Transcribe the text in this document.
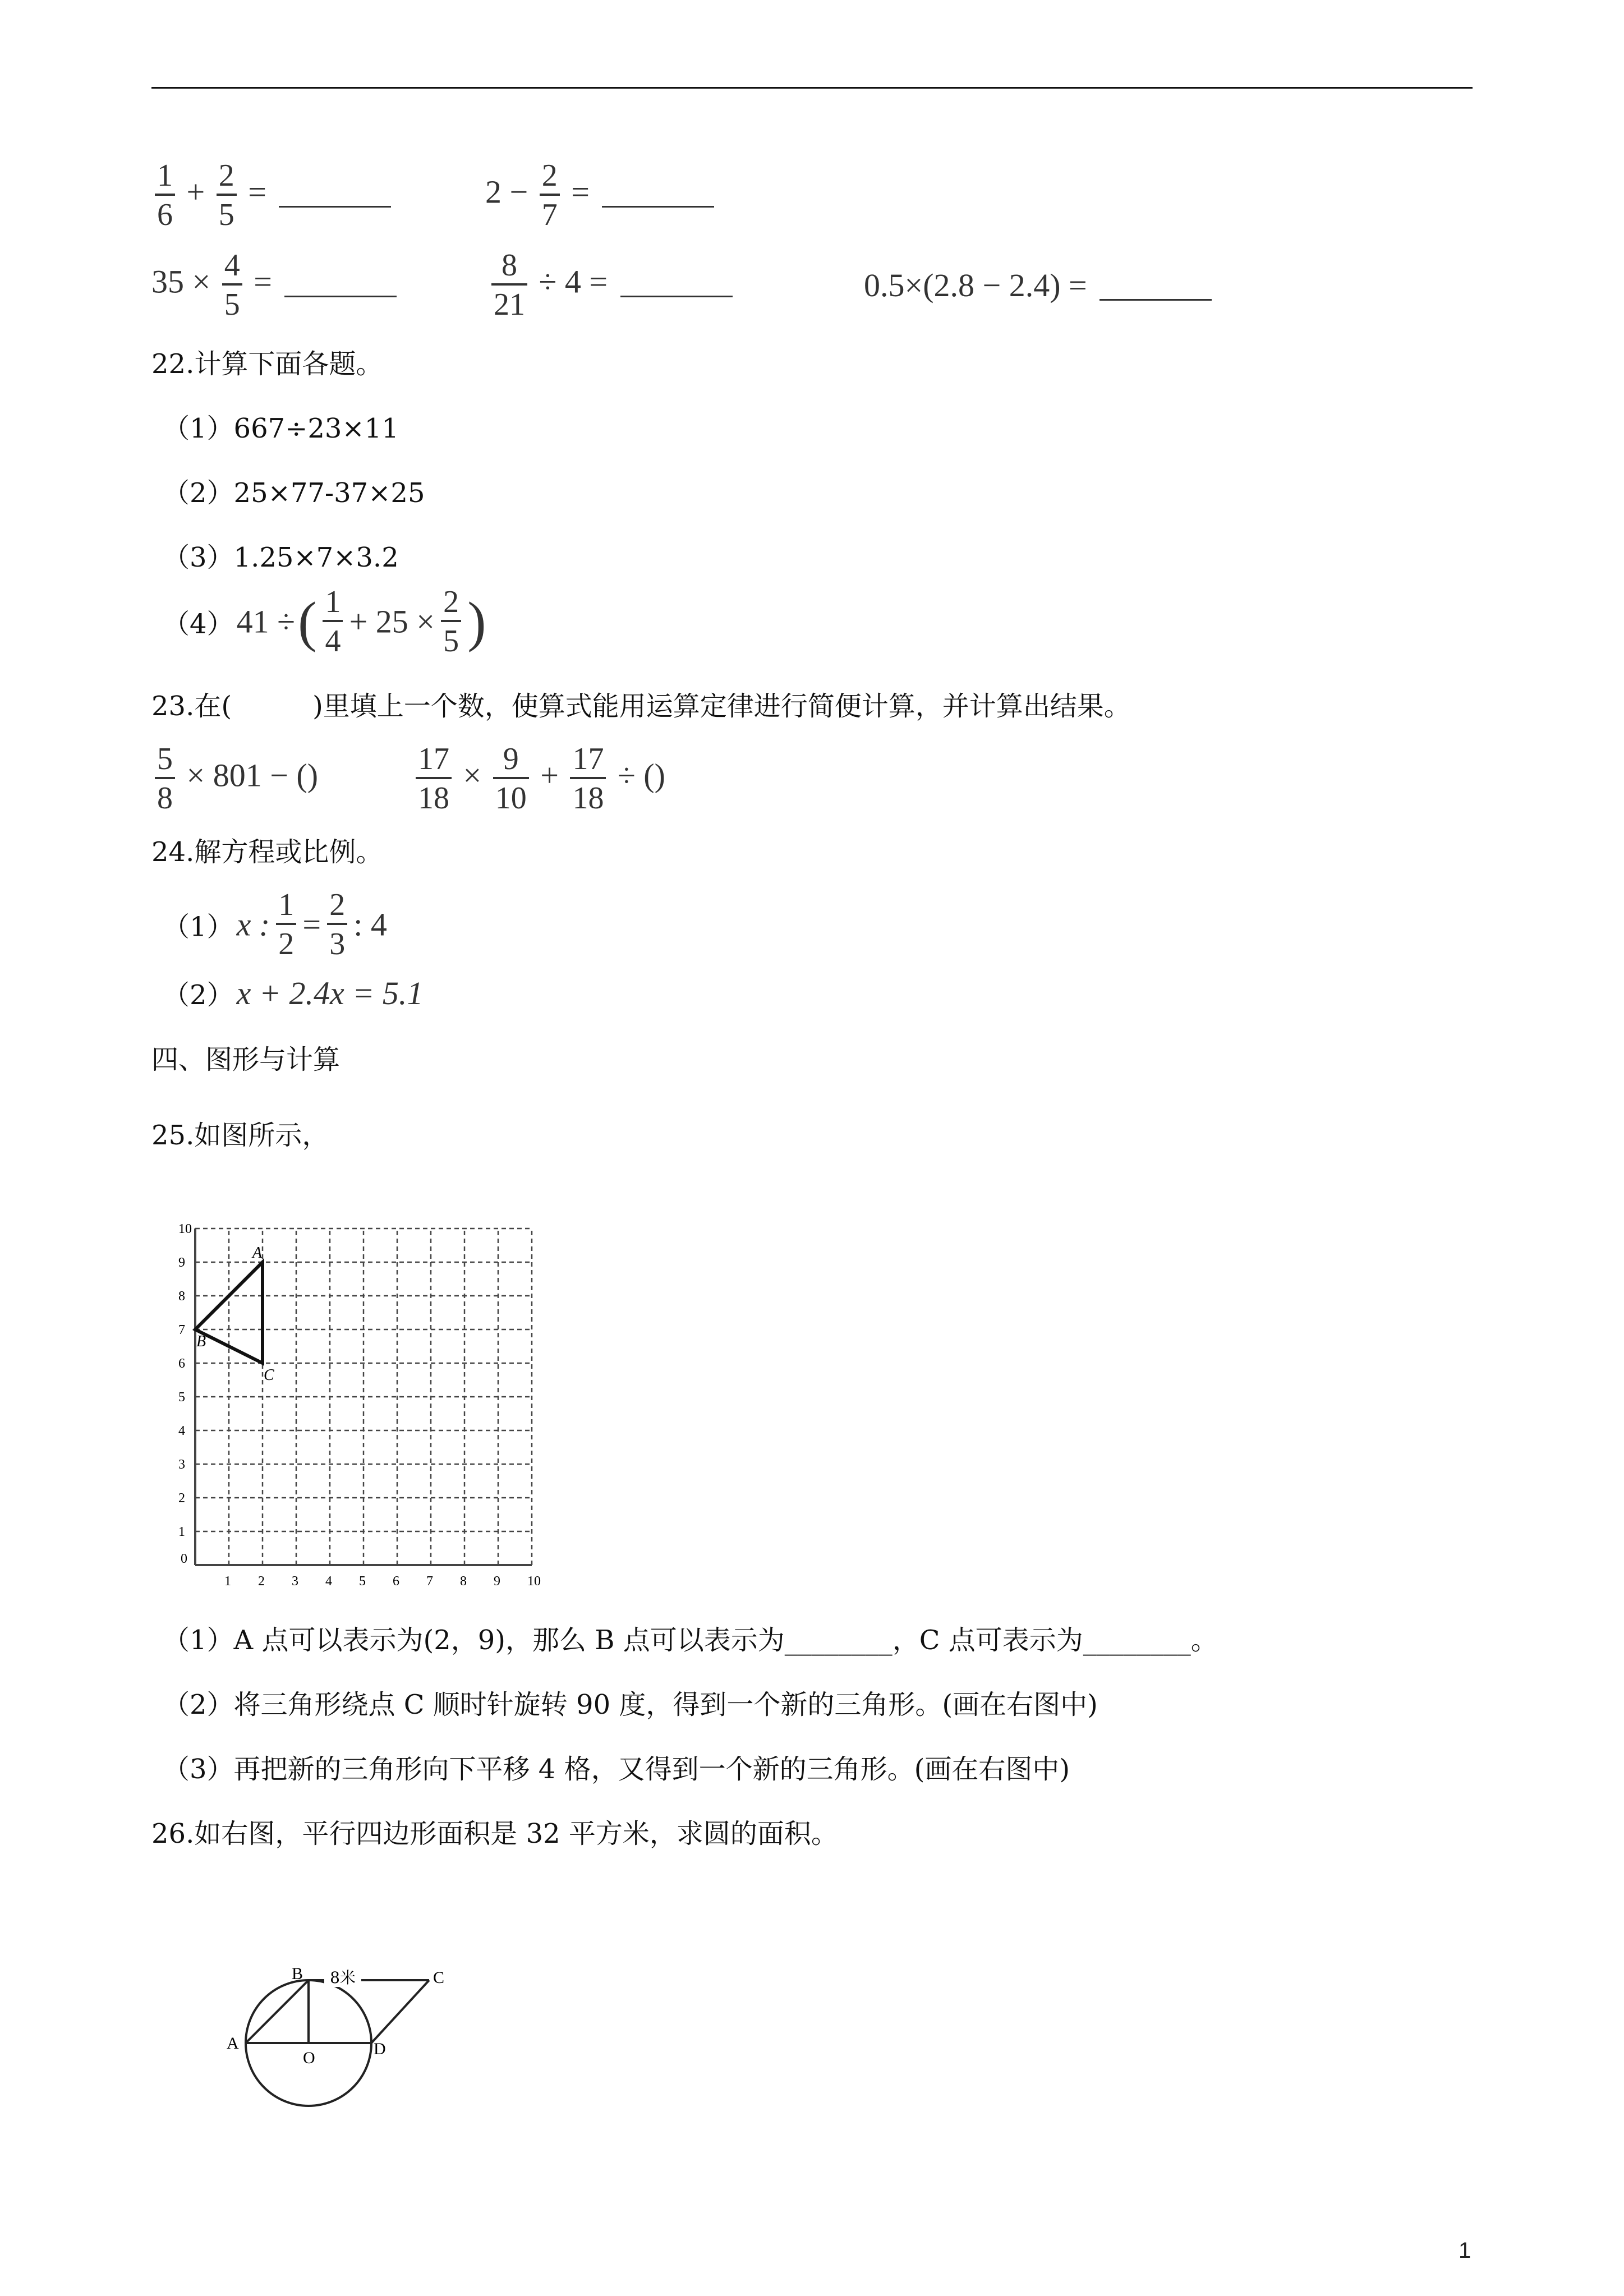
$\frac{1}{6} + \frac{2}{5}$ =	$2 - \frac{2}{7}$ =
$35 \times \frac{4}{5}$ =	$\frac{8}{21} \div 4$ =	0.5×(2.8 − 2.4) =
22.计算下面各题。
（1）667÷23×11
（2）25×77-37×25
（3）1.25×7×3.2
（4） 41 ÷ ( $\frac{1}{4} + 25 \times \frac{2}{5}$ )
23.在(　　　)里填上一个数，使算式能用运算定律进行简便计算，并计算出结果。
$\frac{5}{8} \times 801$ − ()	$\frac{17}{18} \times \frac{9}{10} + \frac{17}{18}$ ÷ ()
24.解方程或比例。
（1） x : $\frac{1}{2} = \frac{2}{3}$ : 4
（2） x + 2.4x = 5.1
四、图形与计算
25.如图所示，
0
1 2 3 4 5 6 7 8 9 10
1
2
3
4
5
6
7
8
9
10
A
B
C
（1）A 点可以表示为(2，9)，那么 B 点可以表示为________，C 点可表示为________。
（2）将三角形绕点 C 顺时针旋转 90 度，得到一个新的三角形。(画在右图中)
（3）再把新的三角形向下平移 4 格，又得到一个新的三角形。(画在右图中)
26.如右图，平行四边形面积是 32 平方米，求圆的面积。
8米
B	C
A	D
O
1
